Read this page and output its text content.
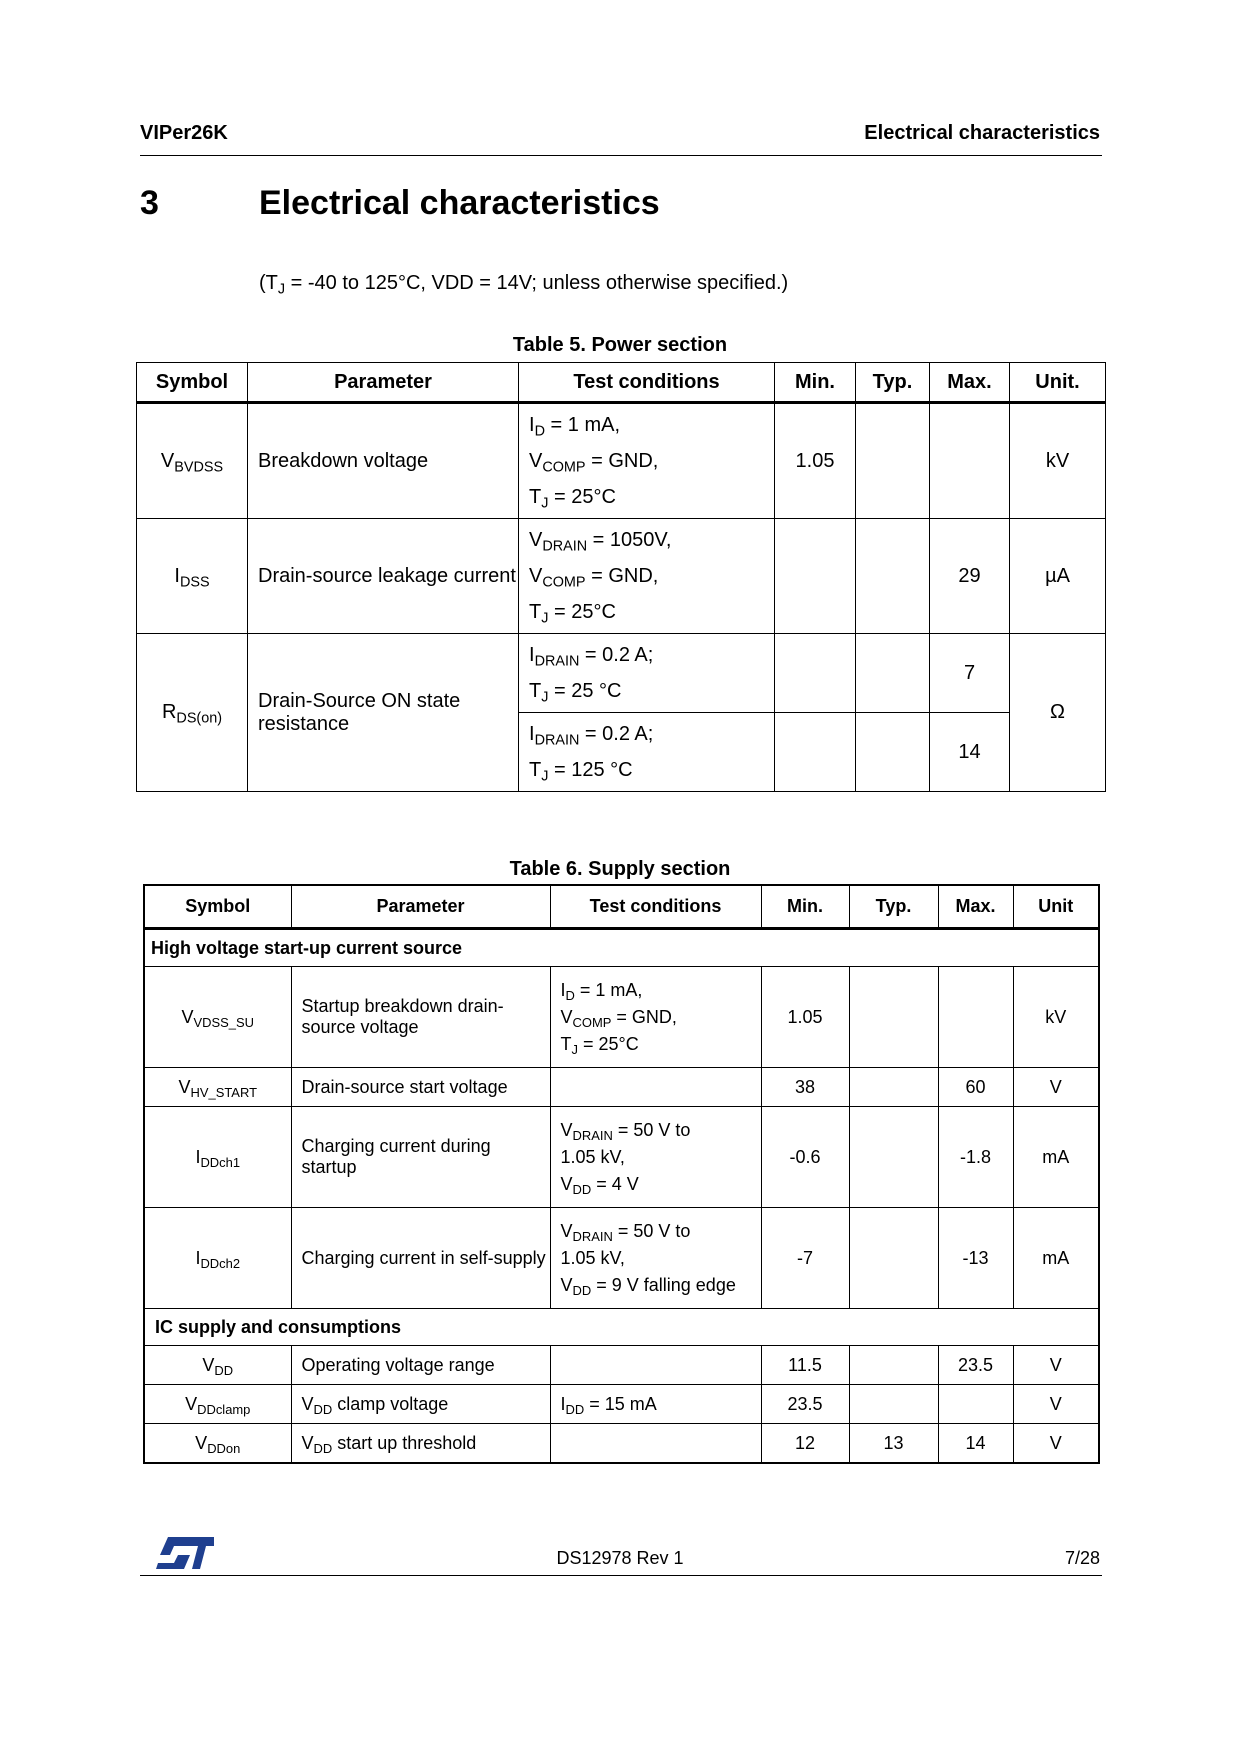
VIPer26K	Electrical characteristics
3	Electrical characteristics
($T_J = -40$ to 125°C, VDD = 14V; unless otherwise specified.)
Table 5. Power section
Symbol	Parameter	Test conditions	Min.	Typ.	Max.	Unit.
$V_{BVDSS}$	Breakdown voltage	$I_D = 1$ mA,
$V_{COMP}$ = GND,
$T_J = 25^\circ C$	1.05			kV
$I_{DSS}$	Drain-source leakage current	$V_{DRAIN} = 1050V$,
$V_{COMP}$ = GND,
$T_J = 25^\circ C$			29	µA
$R_{DS(on)}$	Drain-Source ON state resistance	$I_{DRAIN} = 0.2$ A;
$T_J = 25$ °C			7	Ω

		$I_{DRAIN} = 0.2$ A;
$T_J = 125$ °C			14	
Table 6. Supply section
Symbol	Parameter	Test conditions	Min.	Typ.	Max.	Unit
High voltage start-up current source						
$V_{VDSS\_SU}$	Startup breakdown drain-source voltage	$I_D = 1$ mA,
$V_{COMP}$ = GND,
$T_J = 25^\circ C$	1.05			kV
$V_{HV\_START}$	Drain-source start voltage		38		60	V
$I_{DDch1}$	Charging current during startup	$V_{DRAIN} = 50$ V to
1.05 kV,
$V_{DD} = 4$ V	-0.6		-1.8	mA
$I_{DDch2}$	Charging current in self-supply	$V_{DRAIN} = 50$ V to
1.05 kV,
$V_{DD} = 9$ V falling edge	-7		-13	mA
IC supply and consumptions						
$V_{DD}$	Operating voltage range		11.5		23.5	V
$V_{DDclamp}$	$V_{DD}$ clamp voltage	$I_{DD} = 15$ mA	23.5			V
$V_{DDon}$	$V_{DD}$ start up threshold		12	13	14	V
DS12978 Rev 1	7/28
